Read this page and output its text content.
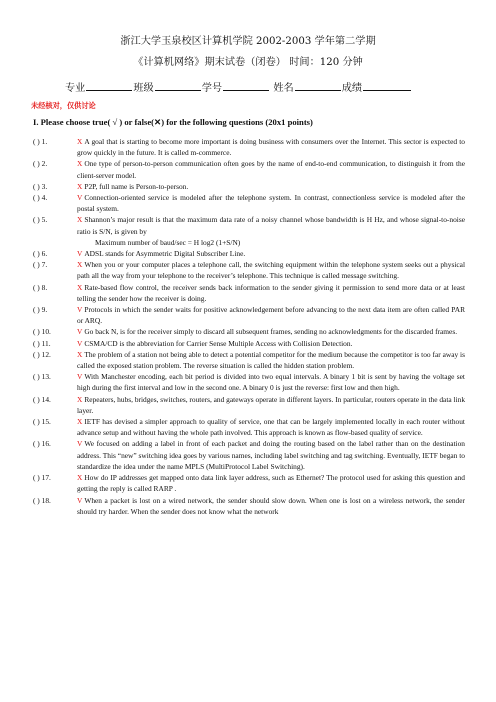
浙江大学玉泉校区计算机学院 2002-2003 学年第二学期
《计算机网络》期末试卷（闭卷） 时间：120 分钟
专业	班级	学号	姓名	成绩
未经核对，仅供讨论
I. Please choose true( √ ) or false(✕) for the following questions (20x1 points)
( ) 1.	X A goal that is starting to become more important is doing business with consumers over the Internet. This sector is expected to grow quickly in the future. It is called m-commerce.
( ) 2.	X One type of person-to-person communication often goes by the name of end-to-end communication, to distinguish it from the client-server model.
( ) 3.	X P2P, full name is Person-to-person.
( ) 4.	V Connection-oriented service is modeled after the telephone system. In contrast, connectionless service is modeled after the postal system.
( ) 5.	X Shannon’s major result is that the maximum data rate of a noisy channel whose bandwidth is H Hz, and whose signal-to-noise ratio is S/N, is given by
Maximum number of baud/sec = H log2 (1+S/N)
( ) 6.	V ADSL stands for Asymmetric Digital Subscriber Line.
( ) 7.	X When you or your computer places a telephone call, the switching equipment within the telephone system seeks out a physical path all the way from your telephone to the receiver’s telephone. This technique is called message switching.
( ) 8.	X Rate-based flow control, the receiver sends back information to the sender giving it permission to send more data or at least telling the sender how the receiver is doing.
( ) 9.	V Protocols in which the sender waits for positive acknowledgement before advancing to the next data item are often called PAR or ARQ.
( ) 10.	V Go back N, is for the receiver simply to discard all subsequent frames, sending no acknowledgments for the discarded frames.
( ) 11.	V CSMA/CD is the abbreviation for Carrier Sense Multiple Access with Collision Detection.
( ) 12.	X The problem of a station not being able to detect a potential competitor for the medium because the competitor is too far away is called the exposed station problem. The reverse situation is called the hidden station problem.
( ) 13.	V With Manchester encoding, each bit period is divided into two equal intervals. A binary 1 bit is sent by having the voltage set high during the first interval and low in the second one. A binary 0 is just the reverse: first low and then high.
( ) 14.	X Repeaters, hubs, bridges, switches, routers, and gateways operate in different layers. In particular, routers operate in the data link layer.
( ) 15.	X IETF has devised a simpler approach to quality of service, one that can be largely implemented locally in each router without advance setup and without having the whole path involved. This approach is known as flow-based quality of service.
( ) 16.	V We focused on adding a label in front of each packet and doing the routing based on the label rather than on the destination address. This “new” switching idea goes by various names, including label switching and tag switching. Eventually, IETF began to standardize the idea under the name MPLS (MultiProtocol Label Switching).
( ) 17.	X How do IP addresses get mapped onto data link layer address, such as Ethernet? The protocol used for asking this question and getting the reply is called RARP .
( ) 18.	V When a packet is lost on a wired network, the sender should slow down. When one is lost on a wireless network, the sender should try harder. When the sender does not know what the network
